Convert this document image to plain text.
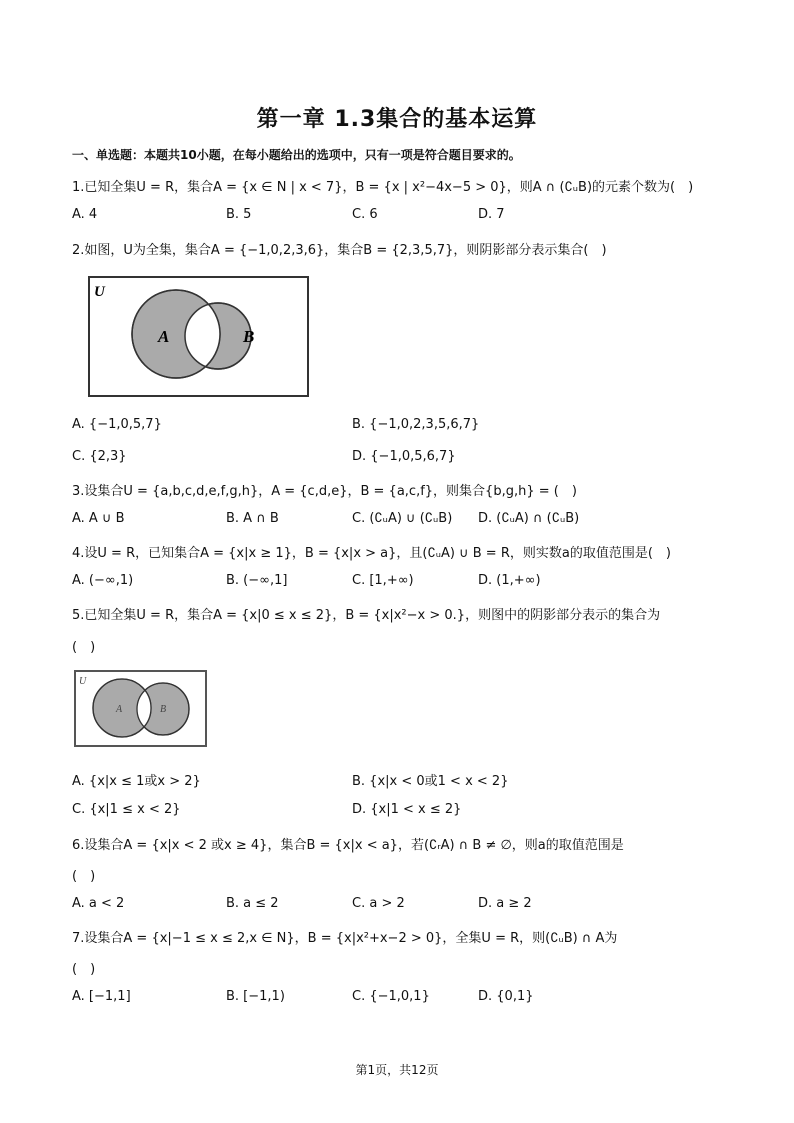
第一章 1.3集合的基本运算
一、单选题：本题共10小题，在每小题给出的选项中，只有一项是符合题目要求的。
1.已知全集U = R，集合A = {x ∈ N | x < 7}，B = {x | x²−4x−5 > 0}，则A ∩ (∁ᵤB)的元素个数为(　)
A. 4	B. 5	C. 6	D. 7
2.如图，U为全集，集合A = {−1,0,2,3,6}，集合B = {2,3,5,7}，则阴影部分表示集合(　)
U
A	B
A. {−1,0,5,7}	B. {−1,0,2,3,5,6,7}
C. {2,3}	D. {−1,0,5,6,7}
3.设集合U = {a,b,c,d,e,f,g,h}，A = {c,d,e}，B = {a,c,f}，则集合{b,g,h} = (　)
A. A ∪ B	B. A ∩ B	C. (∁ᵤA) ∪ (∁ᵤB) D. (∁ᵤA) ∩ (∁ᵤB)
4.设U = R，已知集合A = {x|x ≥ 1}，B = {x|x > a}，且(∁ᵤA) ∪ B = R，则实数a的取值范围是(　)
A. (−∞,1)	B. (−∞,1]	C. [1,+∞)	D. (1,+∞)
5.已知全集U = R，集合A = {x|0 ≤ x ≤ 2}，B = {x|x²−x > 0.}，则图中的阴影部分表示的集合为
(　)
U
A	B
A. {x|x ≤ 1或x > 2}	B. {x|x < 0或1 < x < 2}
C. {x|1 ≤ x < 2}	D. {x|1 < x ≤ 2}
6.设集合A = {x|x < 2 或x ≥ 4}，集合B = {x|x < a}，若(∁ᵣA) ∩ B ≠ ∅，则a的取值范围是
(　)
A. a < 2	B. a ≤ 2	C. a > 2	D. a ≥ 2
7.设集合A = {x|−1 ≤ x ≤ 2,x ∈ N}，B = {x|x²+x−2 > 0}，全集U = R，则(∁ᵤB) ∩ A为
(　)
A. [−1,1]	B. [−1,1)	C. {−1,0,1}	D. {0,1}
第1页，共12页
